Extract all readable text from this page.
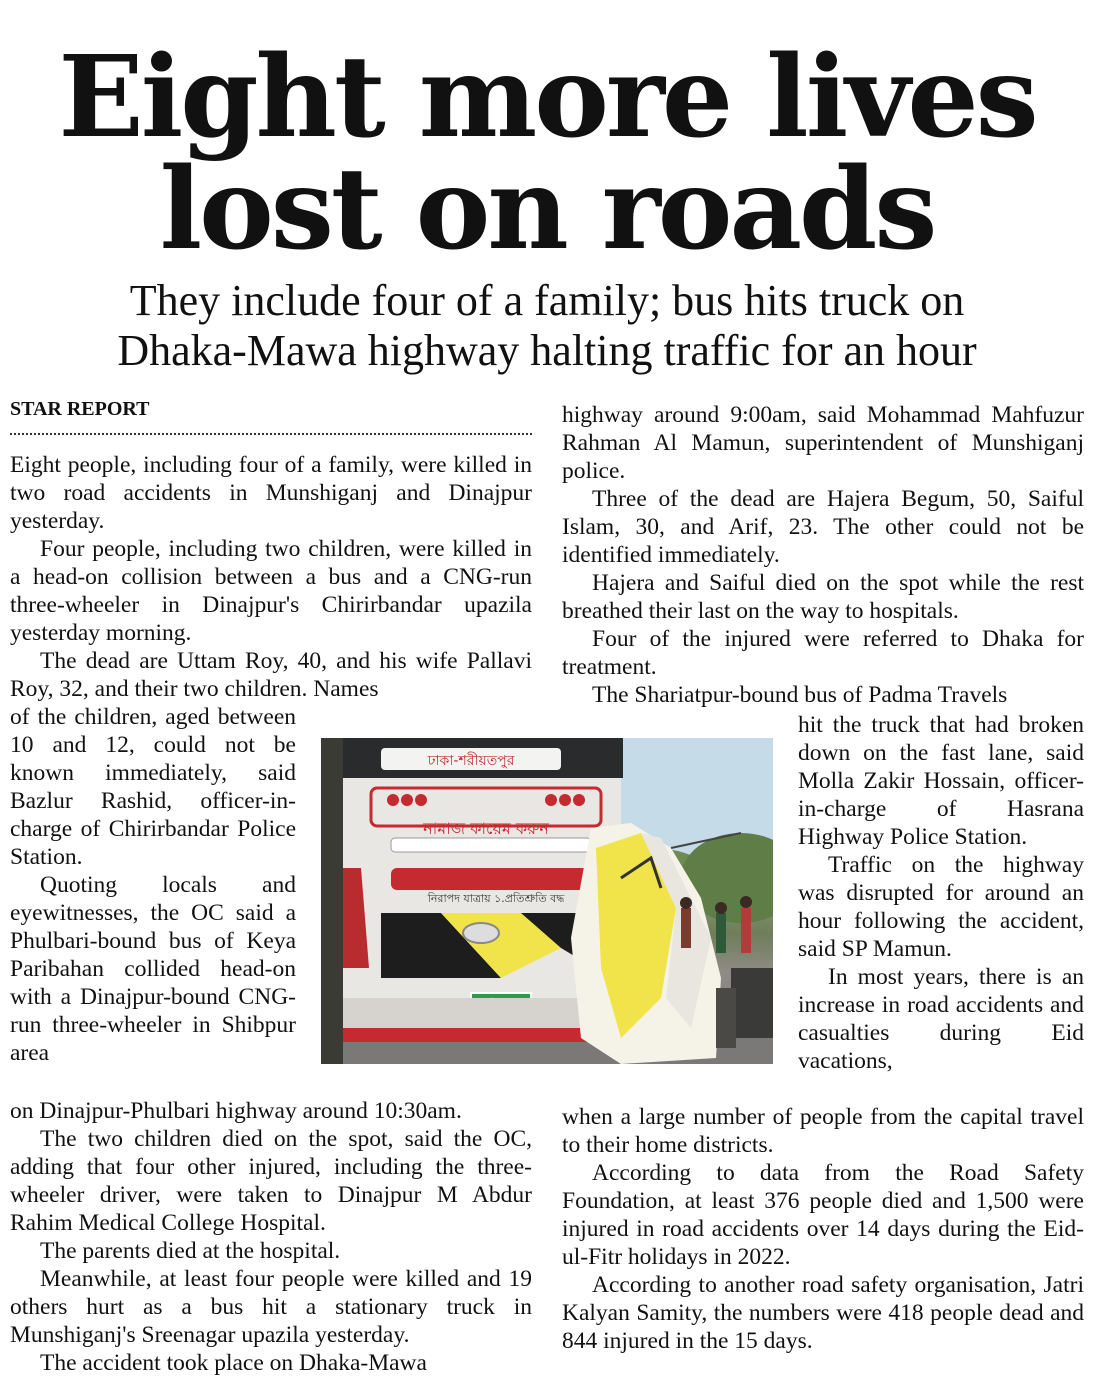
Eight more lives
lost on roads
They include four of a family; bus hits truck on
Dhaka-Mawa highway halting traffic for an hour
STAR REPORT

Eight people, including four of a family, were killed in two road accidents in Munshiganj and Dinajpur yesterday.

Four people, including two children, were killed in a head-on collision between a bus and a CNG-run three-wheeler in Dinajpur's Chirirbandar upazila yesterday morning.

The dead are Uttam Roy, 40, and his wife Pallavi Roy, 32, and their two children. Names

of the children, aged between 10 and 12, could not be known immediately, said Bazlur Rashid, officer-in-charge of Chirirbandar Police Station.

Quoting locals and eyewitnesses, the OC said a Phulbari-bound bus of Keya Paribahan collided head-on with a Dinajpur-bound CNG-run three-wheeler in Shibpur area

on Dinajpur-Phulbari highway around 10:30am.

The two children died on the spot, said the OC, adding that four other injured, including the three-wheeler driver, were taken to Dinajpur M Abdur Rahim Medical College Hospital.

The parents died at the hospital.

Meanwhile, at least four people were killed and 19 others hurt as a bus hit a stationary truck in Munshiganj's Sreenagar upazila yesterday.

The accident took place on Dhaka-Mawa

highway around 9:00am, said Mohammad Mahfuzur Rahman Al Mamun, superintendent of Munshiganj police.

Three of the dead are Hajera Begum, 50, Saiful Islam, 30, and Arif, 23. The other could not be identified immediately.

Hajera and Saiful died on the spot while the rest breathed their last on the way to hospitals.

Four of the injured were referred to Dhaka for treatment.

The Shariatpur-bound bus of Padma Travels

hit the truck that had broken down on the fast lane, said Molla Zakir Hossain, officer-in-charge of Hasrana Highway Police Station.

Traffic on the highway was disrupted for around an hour following the accident, said SP Mamun.

In most years, there is an increase in road accidents and casualties during Eid vacations,

when a large number of people from the capital travel to their home districts.

According to data from the Road Safety Foundation, at least 376 people died and 1,500 were injured in road accidents over 14 days during the Eid-ul-Fitr holidays in 2022.

According to another road safety organisation, Jatri Kalyan Samity, the numbers were 418 people dead and 844 injured in the 15 days.

ঢাকা-শরীয়তপুর
নামাজ কায়েম করুন
নিরাপদ যাত্রায় ১.প্রতিশ্রুতি বদ্ধ
